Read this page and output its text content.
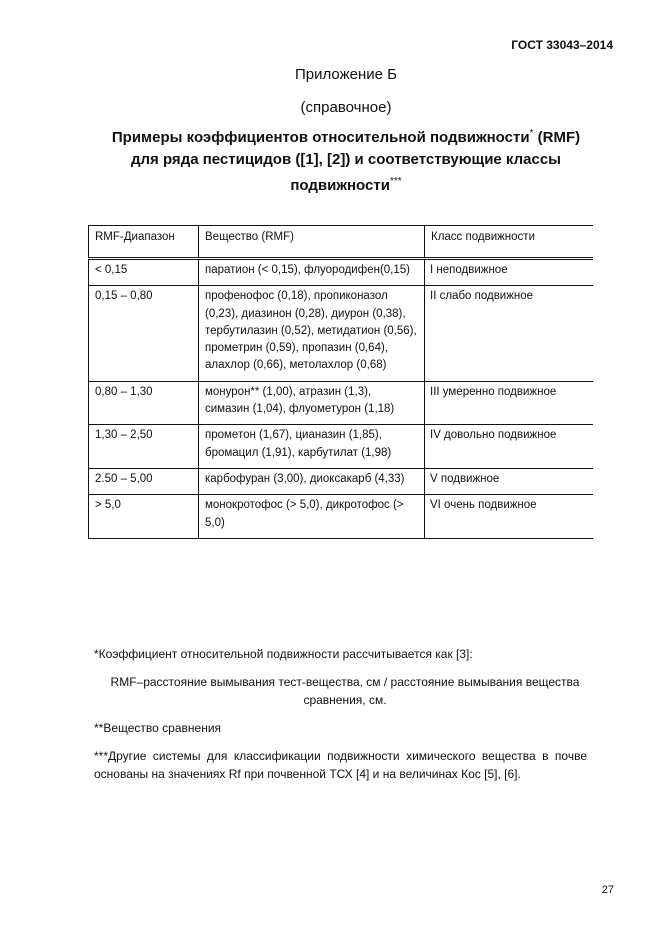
ГОСТ 33043–2014
Приложение Б
(справочное)
Примеры коэффициентов относительной подвижности* (RMF)
для ряда пестицидов ([1], [2]) и соответствующие классы
подвижности***
RMF-Диапазон	Вещество (RMF)	Класс подвижности
< 0,15	паратион (< 0,15), флуородифен(0,15)	I неподвижное
0,15 – 0,80	профенофос (0,18), пропиконазол (0,23), диазинон (0,28), диурон (0,38), тербутилазин (0,52), метидатион (0,56), прометрин (0,59), пропазин (0,64), алахлор (0,66), метолахлор (0,68)	II слабо подвижное
0,80 – 1,30	монурон** (1,00), атразин (1,3), симазин (1,04), флуометурон (1,18)	III умеренно подвижное
1,30 – 2,50	прометон (1,67), цианазин (1,85), бромацил (1,91), карбутилат (1,98)	IV довольно подвижное
2.50 – 5,00	карбофуран (3,00), диоксакарб (4,33)	V подвижное
> 5,0	монокротофос (> 5,0), дикротофос (> 5,0)	VI очень подвижное
*Коэффициент относительной подвижности рассчитывается как [3]:
RMF–расстояние вымывания тест-вещества, см / расстояние вымывания вещества сравнения, см.
**Вещество сравнения
***Другие системы для классификации подвижности химического вещества в почве основаны на значениях Rf при почвенной ТСХ [4] и на величинах Кос [5], [6].
27
